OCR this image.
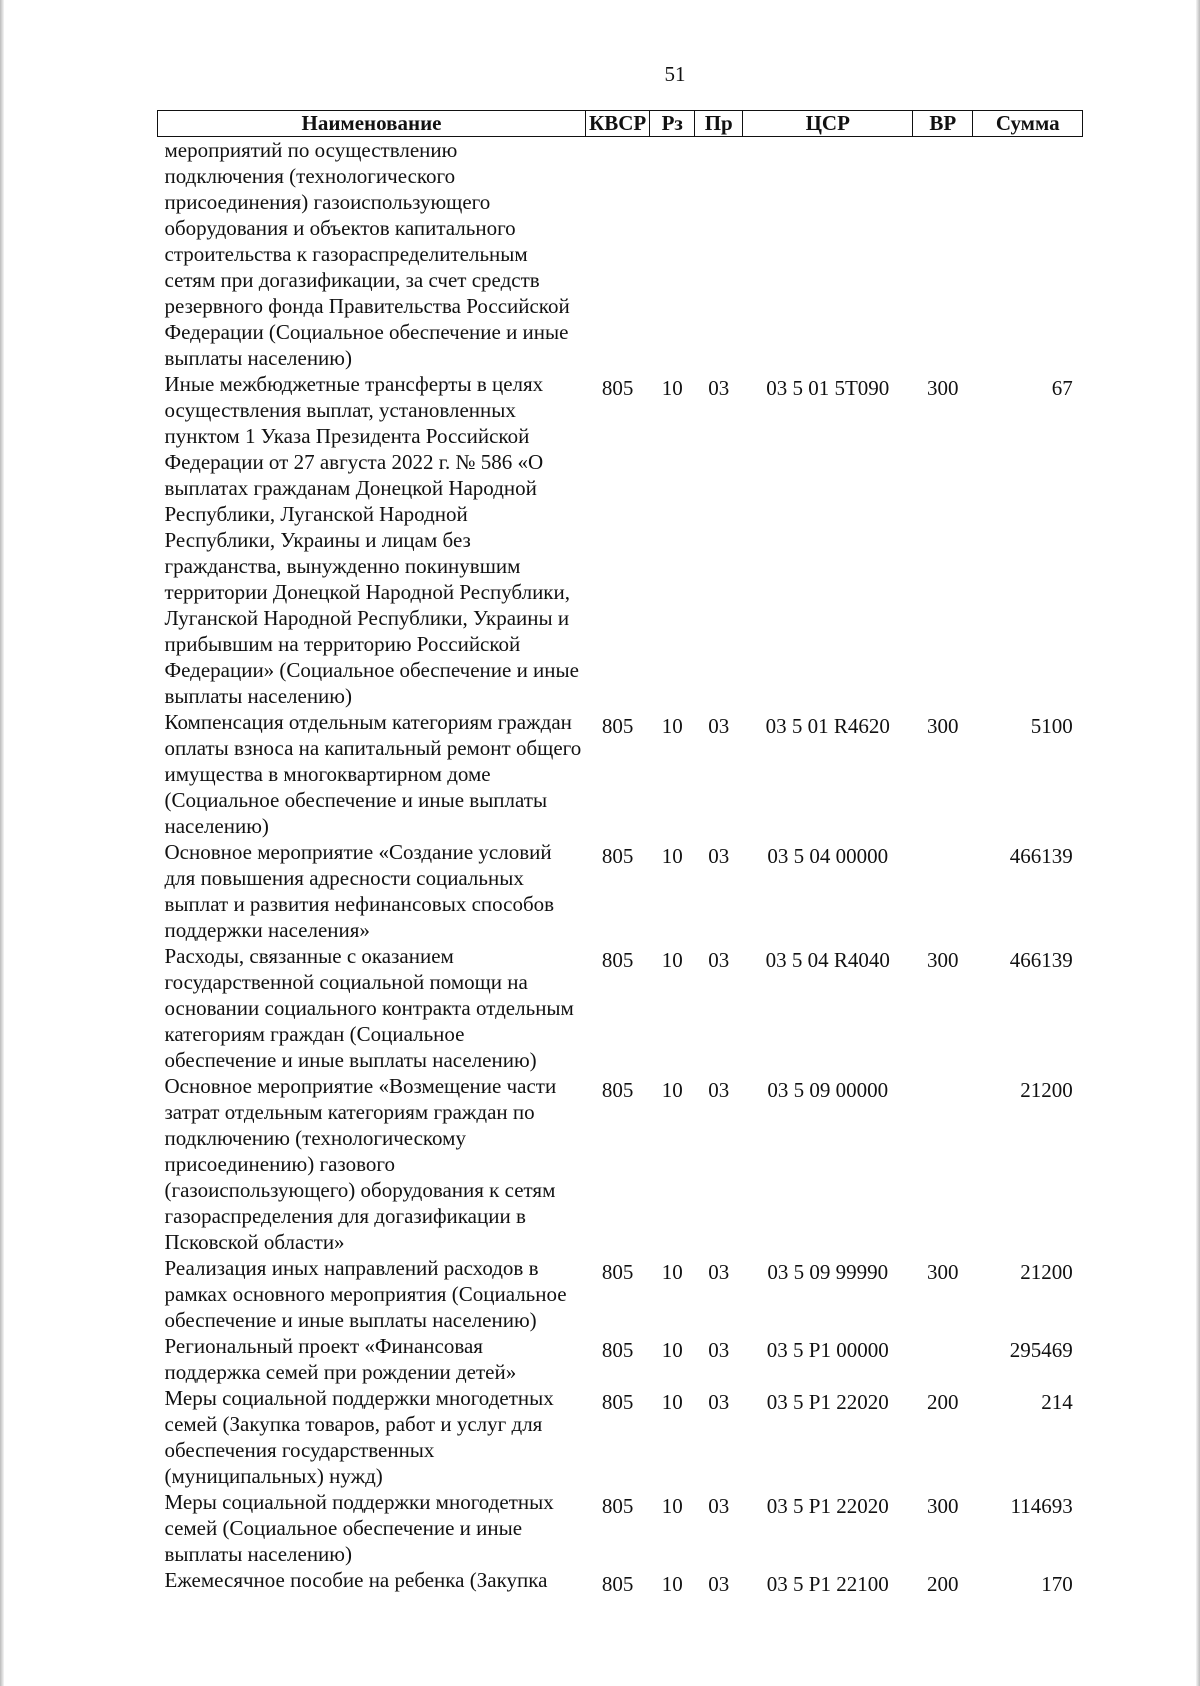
51
Наименование	КВСР	Рз	Пр	ЦСР	ВР	Сумма
мероприятий по осуществлению подключения (технологического присоединения) газоиспользующего оборудования и объектов капитального строительства к газораспределительным сетям при догазификации, за счет средств резервного фонда Правительства Российской Федерации (Социальное обеспечение и иные выплаты населению)	

Иные межбюджетные трансферты в целях осуществления выплат, установленных пунктом 1 Указа Президента Российской Федерации от 27 августа 2022 г. № 586 «О выплатах гражданам Донецкой Народной Республики, Луганской Народной Республики, Украины и лицам без гражданства, вынужденно покинувшим территории Донецкой Народной Республики, Луганской Народной Республики, Украины и прибывшим на территорию Российской Федерации» (Социальное обеспечение и иные выплаты населению)	805	10	03	03 5 01 5Т090	300	67

Компенсация отдельным категориям граждан оплаты взноса на капитальный ремонт общего имущества в многоквартирном доме (Социальное обеспечение и иные выплаты населению)	805	10	03	03 5 01 R4620	300	5100

Основное мероприятие «Создание условий для повышения адресности социальных выплат и развития нефинансовых способов поддержки населения»	805	10	03	03 5 04 00000		466139

Расходы, связанные с оказанием государственной социальной помощи на основании социального контракта отдельным категориям граждан (Социальное обеспечение и иные выплаты населению)	805	10	03	03 5 04 R4040	300	466139

Основное мероприятие «Возмещение части затрат отдельным категориям граждан по подключению (технологическому присоединению) газового (газоиспользующего) оборудования к сетям газораспределения для догазификации в Псковской области»	805	10	03	03 5 09 00000		21200

Реализация иных направлений расходов в рамках основного мероприятия (Социальное обеспечение и иные выплаты населению)	805	10	03	03 5 09 99990	300	21200

Региональный проект «Финансовая поддержка семей при рождении детей»	805	10	03	03 5 Р1 00000		295469

Меры социальной поддержки многодетных семей (Закупка товаров, работ и услуг для обеспечения государственных (муниципальных) нужд)	805	10	03	03 5 Р1 22020	200	214

Меры социальной поддержки многодетных семей (Социальное обеспечение и иные выплаты населению)	805	10	03	03 5 Р1 22020	300	114693

Ежемесячное пособие на ребенка (Закупка	805	10	03	03 5 Р1 22100	200	170
